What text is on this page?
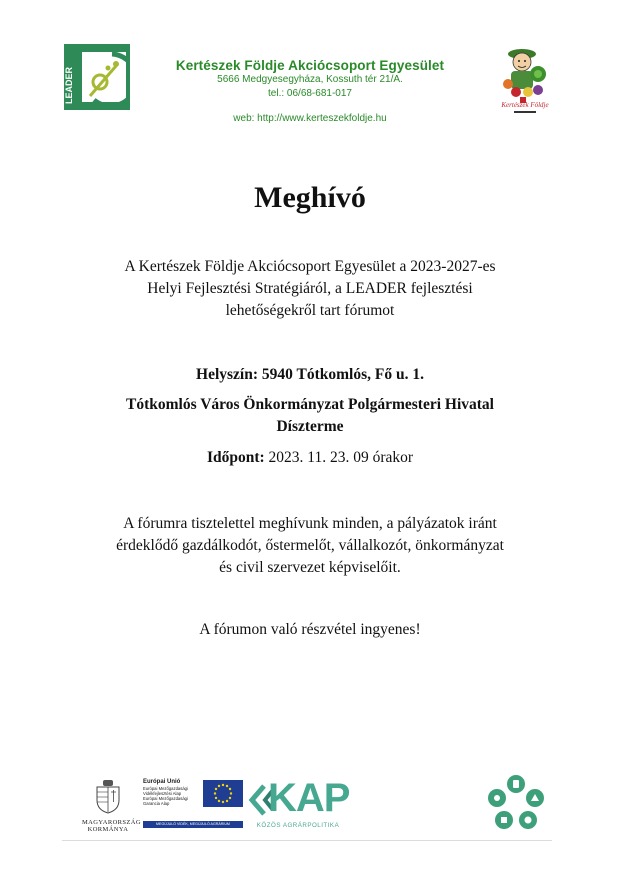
LEADER
Kertészek Földje Akciócsoport Egyesület
5666 Medgyesegyháza, Kossuth tér 21/A.
tel.: 06/68-681-017
web: http://www.kerteszekfoldje.hu
Kertészek Földje
Meghívó
A Kertészek Földje Akciócsoport Egyesület a 2023-2027-es
Helyi Fejlesztési Stratégiáról, a LEADER fejlesztési
lehetőségekről tart fórumot
Helyszín: 5940 Tótkomlós, Fő u. 1.
Tótkomlós Város Önkormányzat Polgármesteri Hivatal
Díszterme
Időpont: 2023. 11. 23. 09 órakor
A fórumra tisztelettel meghívunk minden, a pályázatok iránt
érdeklődő gazdálkodót, őstermelőt, vállalkozót, önkormányzat
és civil szervezet képviselőit.
A fórumon való részvétel ingyenes!
MAGYARORSZÁG
KORMÁNYA
Európai Unió
Európai Mezőgazdasági
Vidékfejlesztési Alap
Európai Mezőgazdasági
Garancia Alap
MEGÚJULÓ VIDÉK, MEGÚJULÓ AGRÁRIUM
KAP
KÖZÖS AGRÁRPOLITIKA
